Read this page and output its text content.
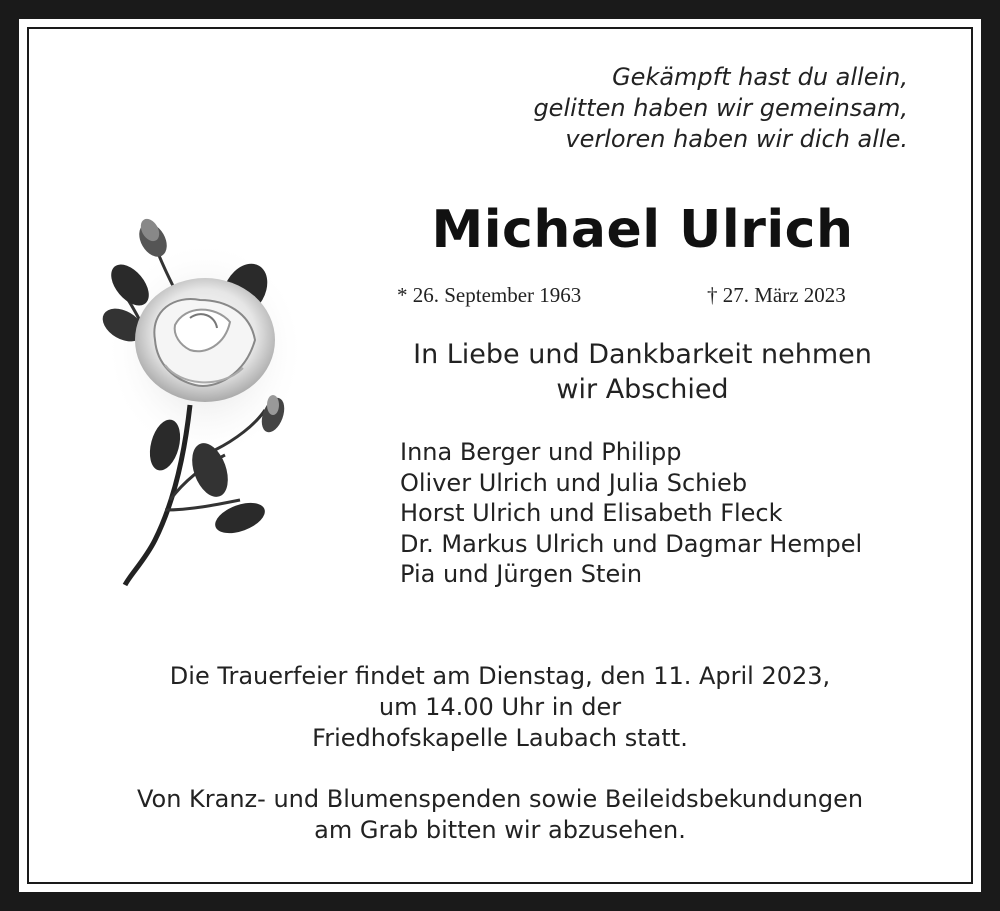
Gekämpft hast du allein,
gelitten haben wir gemeinsam,
verloren haben wir dich alle.
Michael Ulrich
* 26. September 1963	† 27. März 2023
In Liebe und Dankbarkeit nehmen
wir Abschied
Inna Berger und Philipp
Oliver Ulrich und Julia Schieb
Horst Ulrich und Elisabeth Fleck
Dr. Markus Ulrich und Dagmar Hempel
Pia und Jürgen Stein
Die Trauerfeier findet am Dienstag, den 11. April 2023,
um 14.00 Uhr in der
Friedhofskapelle Laubach statt.
Von Kranz- und Blumenspenden sowie Beileidsbekundungen
am Grab bitten wir abzusehen.
